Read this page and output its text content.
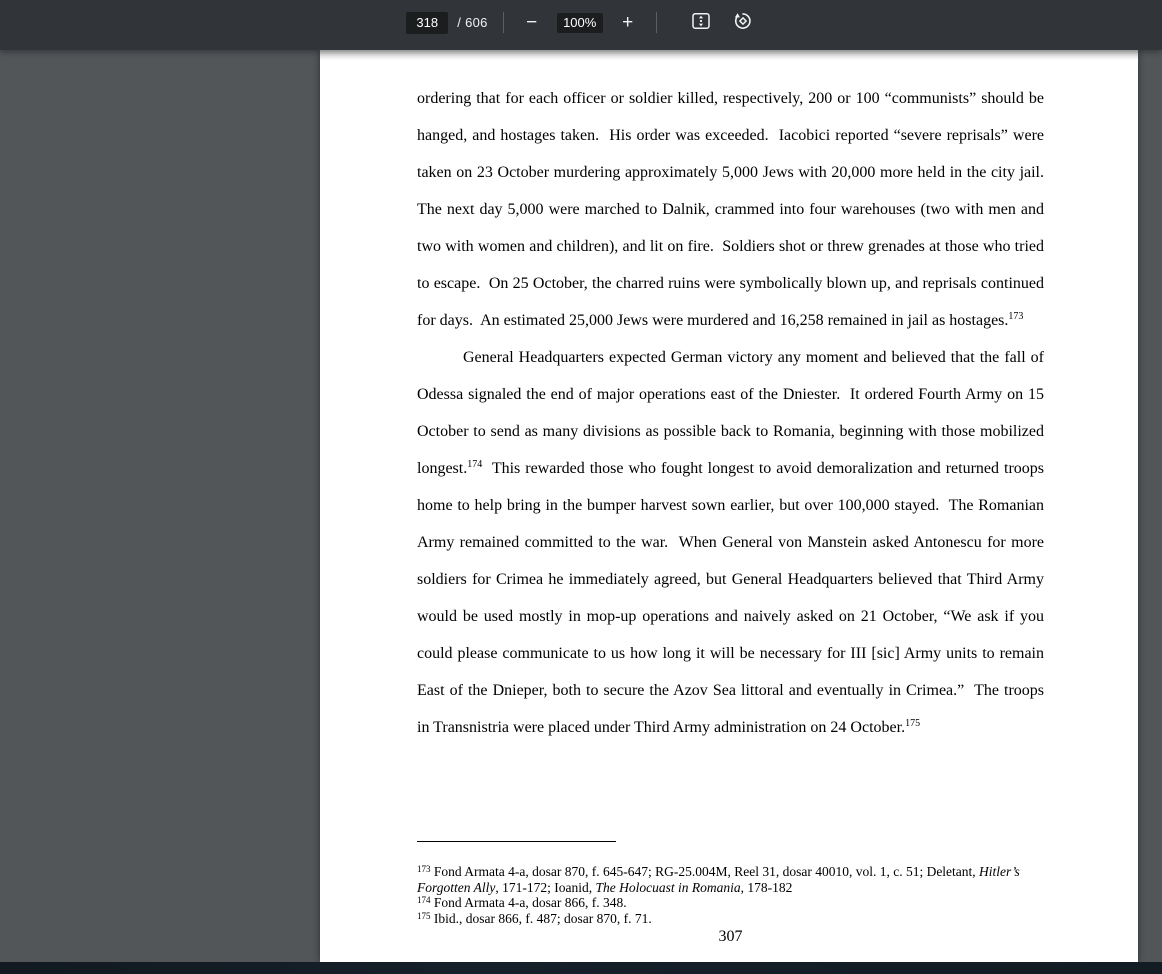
318
/ 606	−	100%	+
ordering that for each officer or soldier killed, respectively, 200 or 100 “communists” should be
hanged, and hostages taken.  His order was exceeded.  Iacobici reported “severe reprisals” were
taken on 23 October murdering approximately 5,000 Jews with 20,000 more held in the city jail.
The next day 5,000 were marched to Dalnik, crammed into four warehouses (two with men and
two with women and children), and lit on fire.  Soldiers shot or threw grenades at those who tried
to escape.  On 25 October, the charred ruins were symbolically blown up, and reprisals continued
for days.  An estimated 25,000 Jews were murdered and 16,258 remained in jail as hostages.$^{173}$
General Headquarters expected German victory any moment and believed that the fall of
Odessa signaled the end of major operations east of the Dniester.  It ordered Fourth Army on 15
October to send as many divisions as possible back to Romania, beginning with those mobilized
longest.$^{174}$  This rewarded those who fought longest to avoid demoralization and returned troops
home to help bring in the bumper harvest sown earlier, but over 100,000 stayed.  The Romanian
Army remained committed to the war.  When General von Manstein asked Antonescu for more
soldiers for Crimea he immediately agreed, but General Headquarters believed that Third Army
would be used mostly in mop-up operations and naively asked on 21 October, “We ask if you
could please communicate to us how long it will be necessary for III [sic] Army units to remain
East of the Dnieper, both to secure the Azov Sea littoral and eventually in Crimea.”  The troops
in Transnistria were placed under Third Army administration on 24 October.$^{175}$
$^{173}$ Fond Armata 4-a, dosar 870, f. 645-647; RG-25.004M, Reel 31, dosar 40010, vol. 1, c. 51; Deletant, Hitler’s
Forgotten Ally, 171-172; Ioanid, The Holocuast in Romania, 178-182
$^{174}$ Fond Armata 4-a, dosar 866, f. 348.
$^{175}$ Ibid., dosar 866, f. 487; dosar 870, f. 71.
307
